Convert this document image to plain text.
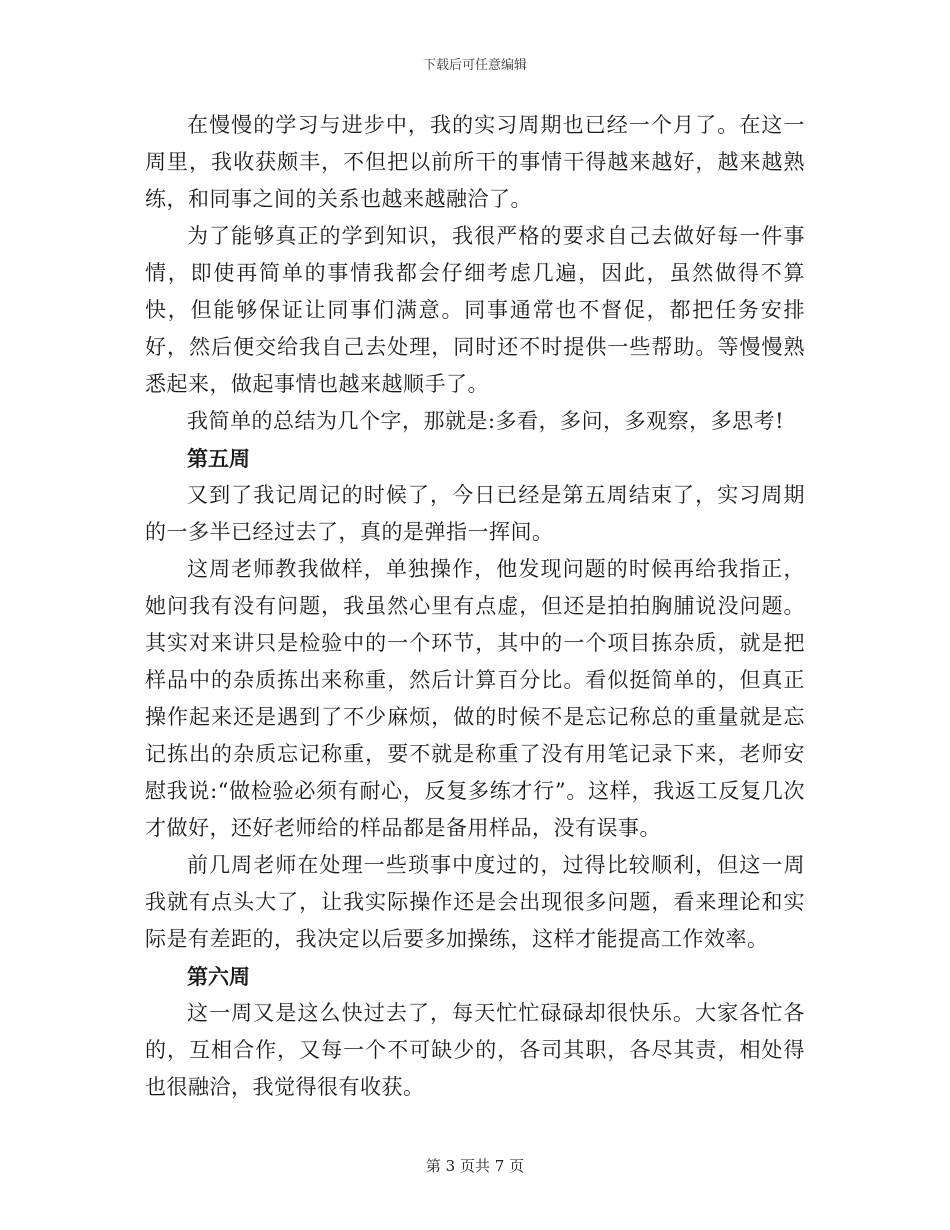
下载后可任意编辑

在慢慢的学习与进步中，我的实习周期也已经一个月了。在这一周里，我收获颇丰，不但把以前所干的事情干得越来越好，越来越熟练，和同事之间的关系也越来越融洽了。

为了能够真正的学到知识，我很严格的要求自己去做好每一件事情，即使再简单的事情我都会仔细考虑几遍，因此，虽然做得不算快，但能够保证让同事们满意。同事通常也不督促，都把任务安排好，然后便交给我自己去处理，同时还不时提供一些帮助。等慢慢熟悉起来，做起事情也越来越顺手了。

我简单的总结为几个字，那就是:多看，多问，多观察，多思考!

第五周

又到了我记周记的时候了，今日已经是第五周结束了，实习周期的一多半已经过去了，真的是弹指一挥间。

这周老师教我做样，单独操作，他发现问题的时候再给我指正，她问我有没有问题，我虽然心里有点虚，但还是拍拍胸脯说没问题。其实对来讲只是检验中的一个环节，其中的一个项目拣杂质，就是把样品中的杂质拣出来称重，然后计算百分比。看似挺简单的，但真正操作起来还是遇到了不少麻烦，做的时候不是忘记称总的重量就是忘记拣出的杂质忘记称重，要不就是称重了没有用笔记录下来，老师安慰我说:“做检验必须有耐心，反复多练才行”。这样，我返工反复几次才做好，还好老师给的样品都是备用样品，没有误事。

前几周老师在处理一些琐事中度过的，过得比较顺利，但这一周我就有点头大了，让我实际操作还是会出现很多问题，看来理论和实际是有差距的，我决定以后要多加操练，这样才能提高工作效率。

第六周

这一周又是这么快过去了，每天忙忙碌碌却很快乐。大家各忙各的，互相合作，又每一个不可缺少的，各司其职，各尽其责，相处得也很融洽，我觉得很有收获。

第 3 页共 7 页
